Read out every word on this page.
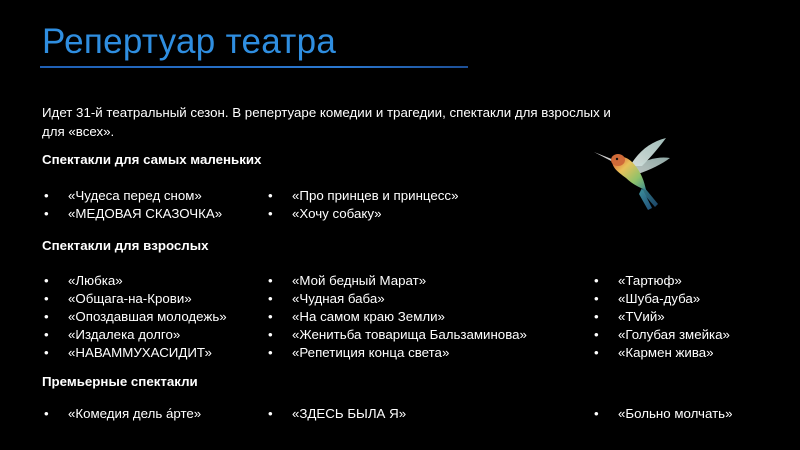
Репертуар театра

Идет 31-й театральный сезон. В репертуаре комедии и трагедии, спектакли для взрослых и для «всех».

Спектакли для самых маленьких
• «Чудеса перед сном»
• «МЕДОВАЯ СКАЗОЧКА»
• «Про принцев и принцесс»
• «Хочу собаку»
Спектакли для взрослых
• «Любка»
• «Общага-на-Крови»
• «Опоздавшая молодежь»
• «Издалека долго»
• «НАВАММУХАСИДИТ»
• «Мой бедный Марат»
• «Чудная баба»
• «На самом краю Земли»
• «Женитьба товарища Бальзаминова»
• «Репетиция конца света»
• «Тартюф»
• «Шуба-дуба»
• «TVий»
• «Голубая змейка»
• «Кармен жива»
Премьерные спектакли
• «Комедия дель а́рте»	• «ЗДЕСЬ БЫЛА Я»	• «Больно молчать»
